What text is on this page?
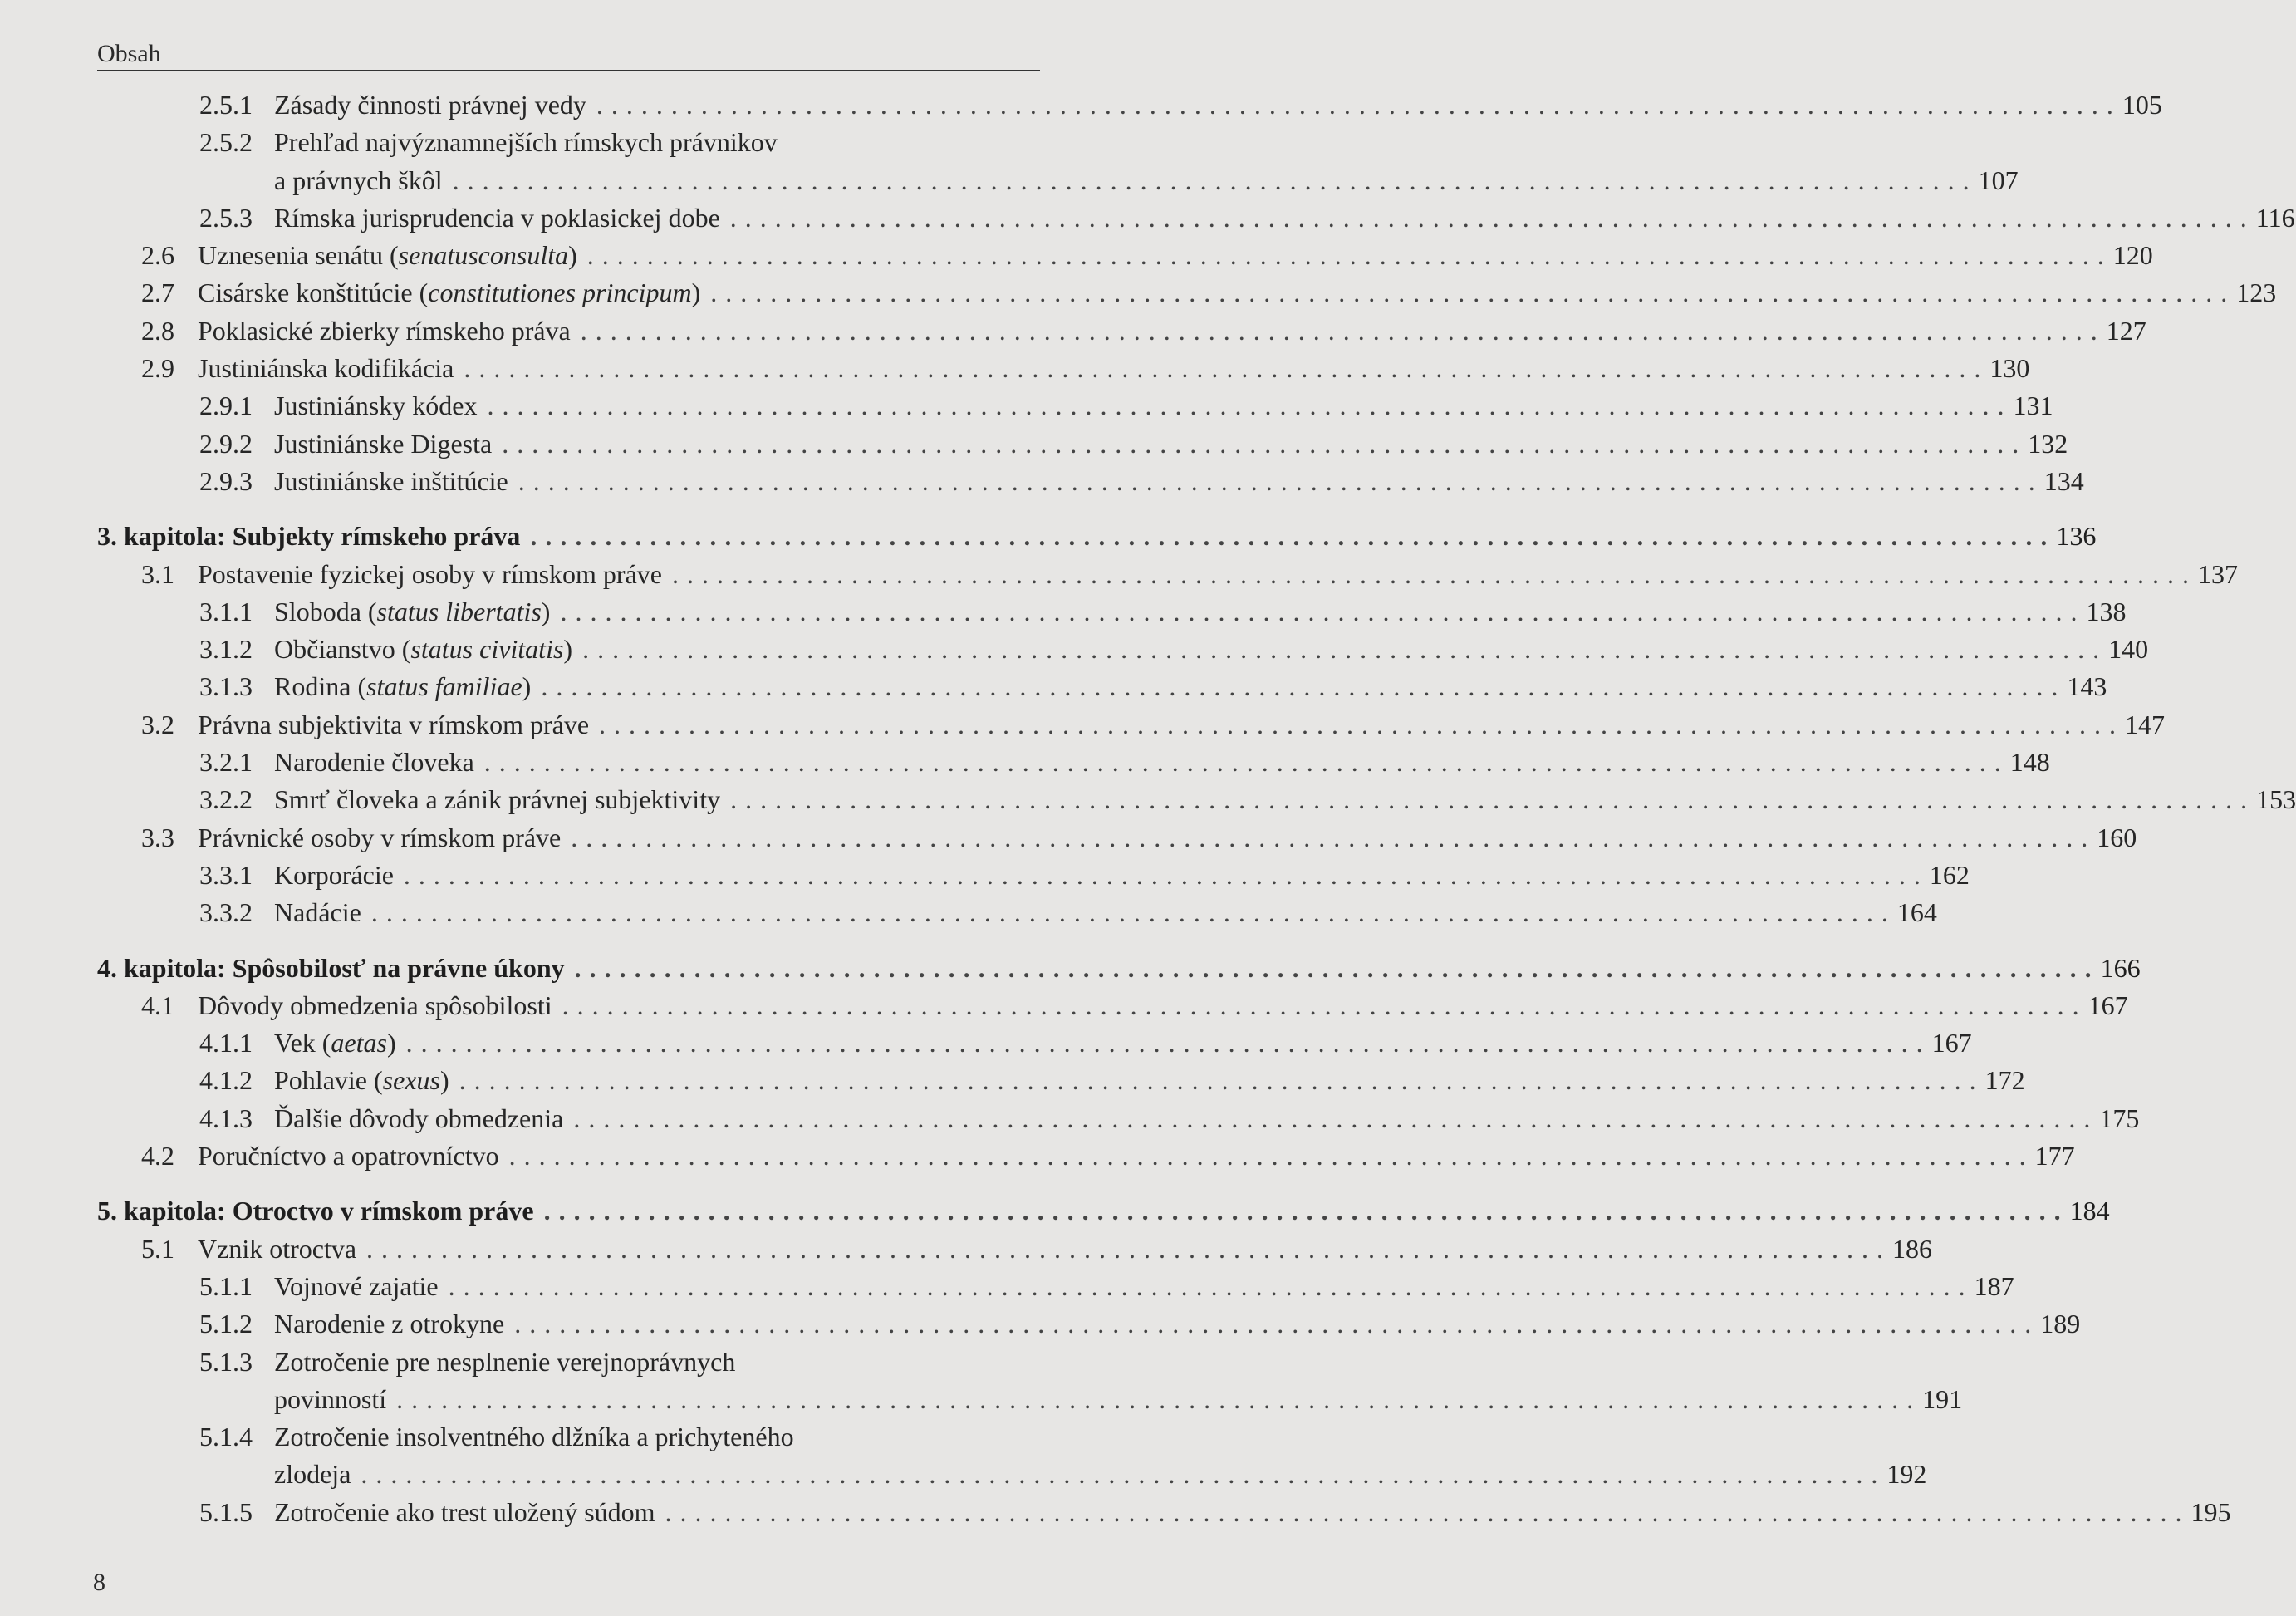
Obsah
2.5.1 Zásady činnosti právnej vedy . . . . . . . . . . . . . . . . . . . . . . . . . . . . . . . . . . . . . . . . . . . . . . . . . . . . . . . . . . . . . . . . . . . . . . . . . . . . . . . . . . . . . . . . . . . . . . . . . . . . . . 105
2.5.2 Prehľad najvýznamnejších rímskych právnikov
a právnych škôl . . . . . . . . . . . . . . . . . . . . . . . . . . . . . . . . . . . . . . . . . . . . . . . . . . . . . . . . . . . . . . . . . . . . . . . . . . . . . . . . . . . . . . . . . . . . . . . . . . . . . . 107
2.5.3 Rímska jurisprudencia v poklasickej dobe . . . . . . . . . . . . . . . . . . . . . . . . . . . . . . . . . . . . . . . . . . . . . . . . . . . . . . . . . . . . . . . . . . . . . . . . . . . . . . . . . . . . . . . . . . . . . . . . . . . . . . 116
2.6 Uznesenia senátu (senatusconsulta) . . . . . . . . . . . . . . . . . . . . . . . . . . . . . . . . . . . . . . . . . . . . . . . . . . . . . . . . . . . . . . . . . . . . . . . . . . . . . . . . . . . . . . . . . . . . . . . . . . . . . . 120
2.7 Cisárske konštitúcie (constitutiones principum) . . . . . . . . . . . . . . . . . . . . . . . . . . . . . . . . . . . . . . . . . . . . . . . . . . . . . . . . . . . . . . . . . . . . . . . . . . . . . . . . . . . . . . . . . . . . . . . . . . . . . . 123
2.8 Poklasické zbierky rímskeho práva . . . . . . . . . . . . . . . . . . . . . . . . . . . . . . . . . . . . . . . . . . . . . . . . . . . . . . . . . . . . . . . . . . . . . . . . . . . . . . . . . . . . . . . . . . . . . . . . . . . . . . 127
2.9 Justiniánska kodifikácia . . . . . . . . . . . . . . . . . . . . . . . . . . . . . . . . . . . . . . . . . . . . . . . . . . . . . . . . . . . . . . . . . . . . . . . . . . . . . . . . . . . . . . . . . . . . . . . . . . . . . . 130
2.9.1 Justiniánsky kódex . . . . . . . . . . . . . . . . . . . . . . . . . . . . . . . . . . . . . . . . . . . . . . . . . . . . . . . . . . . . . . . . . . . . . . . . . . . . . . . . . . . . . . . . . . . . . . . . . . . . . . 131
2.9.2 Justiniánske Digesta . . . . . . . . . . . . . . . . . . . . . . . . . . . . . . . . . . . . . . . . . . . . . . . . . . . . . . . . . . . . . . . . . . . . . . . . . . . . . . . . . . . . . . . . . . . . . . . . . . . . . . 132
2.9.3 Justiniánske inštitúcie . . . . . . . . . . . . . . . . . . . . . . . . . . . . . . . . . . . . . . . . . . . . . . . . . . . . . . . . . . . . . . . . . . . . . . . . . . . . . . . . . . . . . . . . . . . . . . . . . . . . . . 134
3. kapitola: Subjekty rímskeho práva . . . . . . . . . . . . . . . . . . . . . . . . . . . . . . . . . . . . . . . . . . . . . . . . . . . . . . . . . . . . . . . . . . . . . . . . . . . . . . . . . . . . . . . . . . . . . . . . . . . . . . 136
3.1 Postavenie fyzickej osoby v rímskom práve . . . . . . . . . . . . . . . . . . . . . . . . . . . . . . . . . . . . . . . . . . . . . . . . . . . . . . . . . . . . . . . . . . . . . . . . . . . . . . . . . . . . . . . . . . . . . . . . . . . . . . 137
3.1.1 Sloboda (status libertatis) . . . . . . . . . . . . . . . . . . . . . . . . . . . . . . . . . . . . . . . . . . . . . . . . . . . . . . . . . . . . . . . . . . . . . . . . . . . . . . . . . . . . . . . . . . . . . . . . . . . . . . 138
3.1.2 Občianstvo (status civitatis) . . . . . . . . . . . . . . . . . . . . . . . . . . . . . . . . . . . . . . . . . . . . . . . . . . . . . . . . . . . . . . . . . . . . . . . . . . . . . . . . . . . . . . . . . . . . . . . . . . . . . . 140
3.1.3 Rodina (status familiae) . . . . . . . . . . . . . . . . . . . . . . . . . . . . . . . . . . . . . . . . . . . . . . . . . . . . . . . . . . . . . . . . . . . . . . . . . . . . . . . . . . . . . . . . . . . . . . . . . . . . . . 143
3.2 Právna subjektivita v rímskom práve . . . . . . . . . . . . . . . . . . . . . . . . . . . . . . . . . . . . . . . . . . . . . . . . . . . . . . . . . . . . . . . . . . . . . . . . . . . . . . . . . . . . . . . . . . . . . . . . . . . . . . 147
3.2.1 Narodenie človeka . . . . . . . . . . . . . . . . . . . . . . . . . . . . . . . . . . . . . . . . . . . . . . . . . . . . . . . . . . . . . . . . . . . . . . . . . . . . . . . . . . . . . . . . . . . . . . . . . . . . . . 148
3.2.2 Smrť človeka a zánik právnej subjektivity . . . . . . . . . . . . . . . . . . . . . . . . . . . . . . . . . . . . . . . . . . . . . . . . . . . . . . . . . . . . . . . . . . . . . . . . . . . . . . . . . . . . . . . . . . . . . . . . . . . . . . 153
3.3 Právnické osoby v rímskom práve . . . . . . . . . . . . . . . . . . . . . . . . . . . . . . . . . . . . . . . . . . . . . . . . . . . . . . . . . . . . . . . . . . . . . . . . . . . . . . . . . . . . . . . . . . . . . . . . . . . . . . 160
3.3.1 Korporácie . . . . . . . . . . . . . . . . . . . . . . . . . . . . . . . . . . . . . . . . . . . . . . . . . . . . . . . . . . . . . . . . . . . . . . . . . . . . . . . . . . . . . . . . . . . . . . . . . . . . . . 162
3.3.2 Nadácie . . . . . . . . . . . . . . . . . . . . . . . . . . . . . . . . . . . . . . . . . . . . . . . . . . . . . . . . . . . . . . . . . . . . . . . . . . . . . . . . . . . . . . . . . . . . . . . . . . . . . . 164
4. kapitola: Spôsobilosť na právne úkony . . . . . . . . . . . . . . . . . . . . . . . . . . . . . . . . . . . . . . . . . . . . . . . . . . . . . . . . . . . . . . . . . . . . . . . . . . . . . . . . . . . . . . . . . . . . . . . . . . . . . . 166
4.1 Dôvody obmedzenia spôsobilosti . . . . . . . . . . . . . . . . . . . . . . . . . . . . . . . . . . . . . . . . . . . . . . . . . . . . . . . . . . . . . . . . . . . . . . . . . . . . . . . . . . . . . . . . . . . . . . . . . . . . . . 167
4.1.1 Vek (aetas) . . . . . . . . . . . . . . . . . . . . . . . . . . . . . . . . . . . . . . . . . . . . . . . . . . . . . . . . . . . . . . . . . . . . . . . . . . . . . . . . . . . . . . . . . . . . . . . . . . . . . . 167
4.1.2 Pohlavie (sexus) . . . . . . . . . . . . . . . . . . . . . . . . . . . . . . . . . . . . . . . . . . . . . . . . . . . . . . . . . . . . . . . . . . . . . . . . . . . . . . . . . . . . . . . . . . . . . . . . . . . . . . 172
4.1.3 Ďalšie dôvody obmedzenia . . . . . . . . . . . . . . . . . . . . . . . . . . . . . . . . . . . . . . . . . . . . . . . . . . . . . . . . . . . . . . . . . . . . . . . . . . . . . . . . . . . . . . . . . . . . . . . . . . . . . . 175
4.2 Poručníctvo a opatrovníctvo . . . . . . . . . . . . . . . . . . . . . . . . . . . . . . . . . . . . . . . . . . . . . . . . . . . . . . . . . . . . . . . . . . . . . . . . . . . . . . . . . . . . . . . . . . . . . . . . . . . . . . 177
5. kapitola: Otroctvo v rímskom práve . . . . . . . . . . . . . . . . . . . . . . . . . . . . . . . . . . . . . . . . . . . . . . . . . . . . . . . . . . . . . . . . . . . . . . . . . . . . . . . . . . . . . . . . . . . . . . . . . . . . . . 184
5.1 Vznik otroctva . . . . . . . . . . . . . . . . . . . . . . . . . . . . . . . . . . . . . . . . . . . . . . . . . . . . . . . . . . . . . . . . . . . . . . . . . . . . . . . . . . . . . . . . . . . . . . . . . . . . . . 186
5.1.1 Vojnové zajatie . . . . . . . . . . . . . . . . . . . . . . . . . . . . . . . . . . . . . . . . . . . . . . . . . . . . . . . . . . . . . . . . . . . . . . . . . . . . . . . . . . . . . . . . . . . . . . . . . . . . . . 187
5.1.2 Narodenie z otrokyne . . . . . . . . . . . . . . . . . . . . . . . . . . . . . . . . . . . . . . . . . . . . . . . . . . . . . . . . . . . . . . . . . . . . . . . . . . . . . . . . . . . . . . . . . . . . . . . . . . . . . . 189
5.1.3 Zotročenie pre nesplnenie verejnoprávnych
povinností . . . . . . . . . . . . . . . . . . . . . . . . . . . . . . . . . . . . . . . . . . . . . . . . . . . . . . . . . . . . . . . . . . . . . . . . . . . . . . . . . . . . . . . . . . . . . . . . . . . . . . 191
5.1.4 Zotročenie insolventného dlžníka a prichyteného
zlodeja . . . . . . . . . . . . . . . . . . . . . . . . . . . . . . . . . . . . . . . . . . . . . . . . . . . . . . . . . . . . . . . . . . . . . . . . . . . . . . . . . . . . . . . . . . . . . . . . . . . . . . 192
5.1.5 Zotročenie ako trest uložený súdom . . . . . . . . . . . . . . . . . . . . . . . . . . . . . . . . . . . . . . . . . . . . . . . . . . . . . . . . . . . . . . . . . . . . . . . . . . . . . . . . . . . . . . . . . . . . . . . . . . . . . . 195
8
